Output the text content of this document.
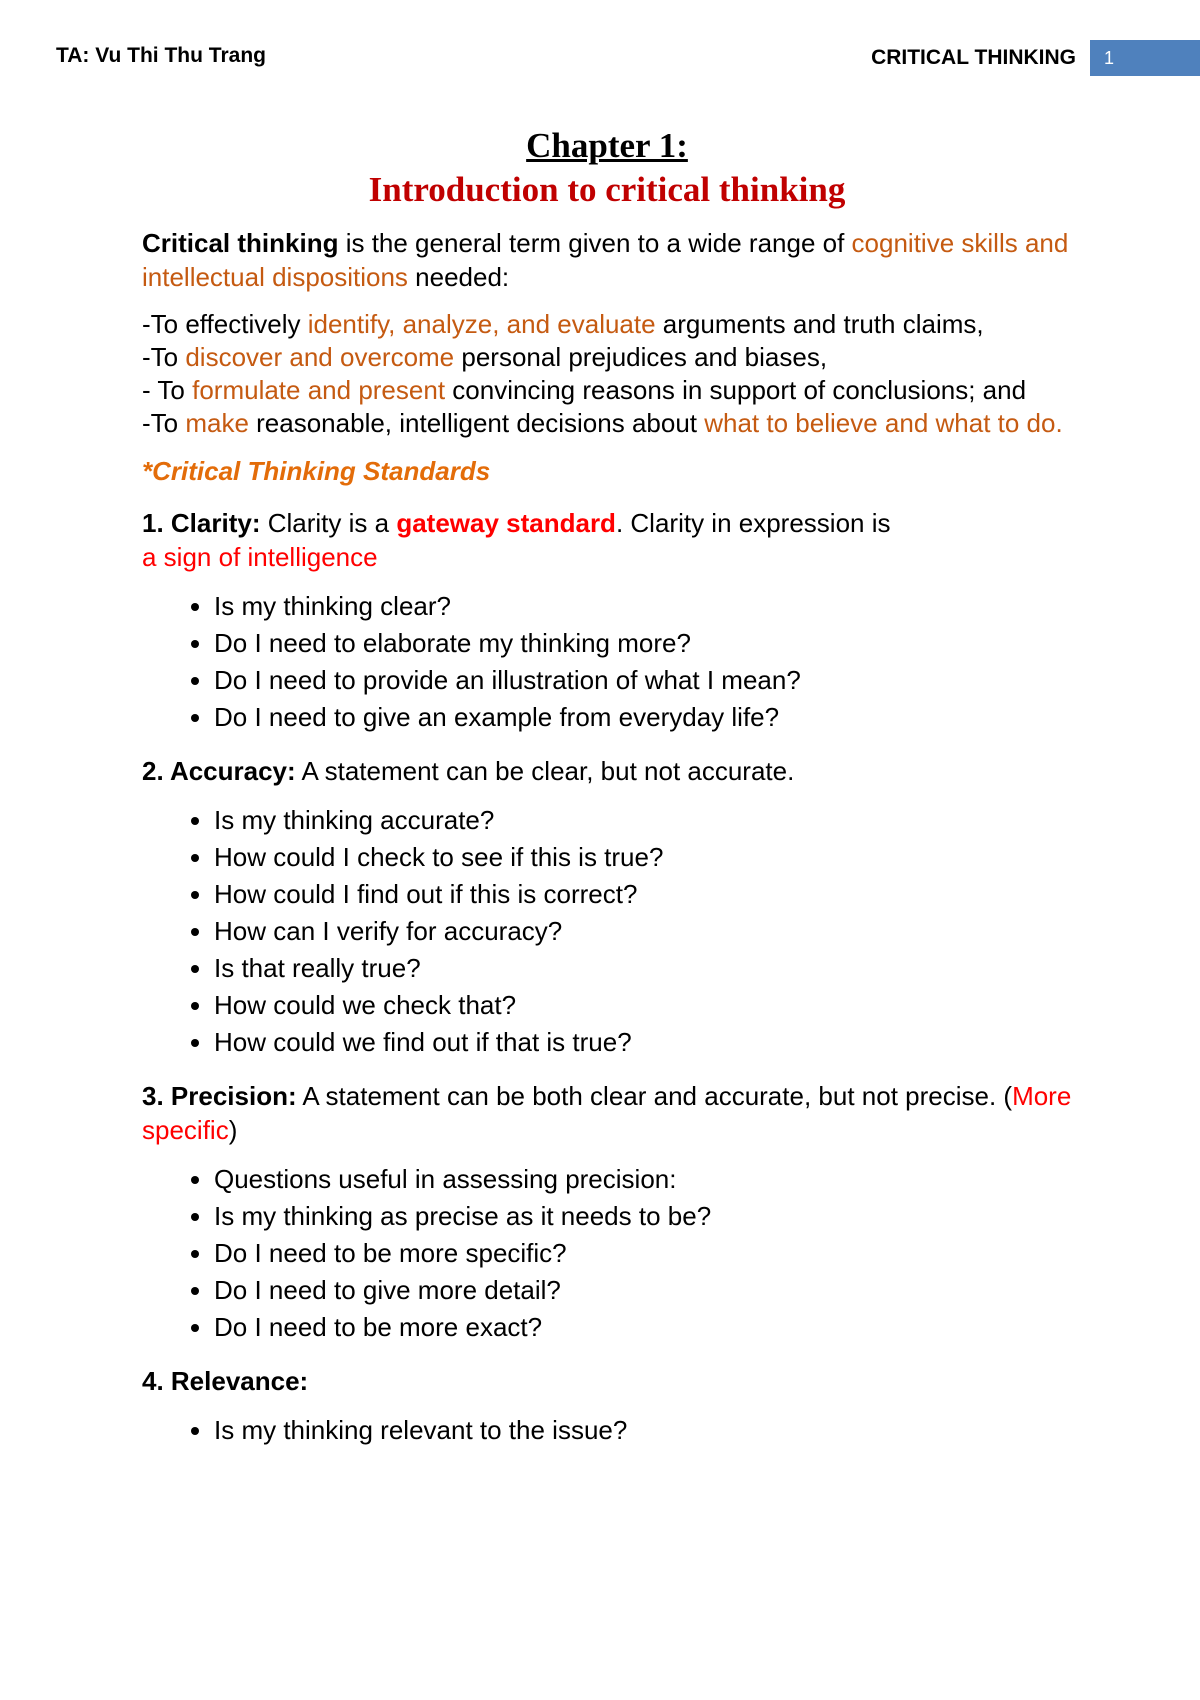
TA: Vu Thi Thu Trang	CRITICAL THINKING	1
Chapter 1:
Introduction to critical thinking

Critical thinking is the general term given to a wide range of cognitive skills and intellectual dispositions needed:

-To effectively identify, analyze, and evaluate arguments and truth claims,

-To discover and overcome personal prejudices and biases,

- To formulate and present convincing reasons in support of conclusions; and

-To make reasonable, intelligent decisions about what to believe and what to do.

*Critical Thinking Standards

1. Clarity: Clarity is a gateway standard. Clarity in expression is
a sign of intelligence

• Is my thinking clear?
• Do I need to elaborate my thinking more?
• Do I need to provide an illustration of what I mean?
• Do I need to give an example from everyday life?

2. Accuracy: A statement can be clear, but not accurate.

• Is my thinking accurate?
• How could I check to see if this is true?
• How could I find out if this is correct?
• How can I verify for accuracy?
• Is that really true?
• How could we check that?
• How could we find out if that is true?

3. Precision: A statement can be both clear and accurate, but not precise. (More specific)

• Questions useful in assessing precision:
• Is my thinking as precise as it needs to be?
• Do I need to be more specific?
• Do I need to give more detail?
• Do I need to be more exact?

4. Relevance:

• Is my thinking relevant to the issue?
